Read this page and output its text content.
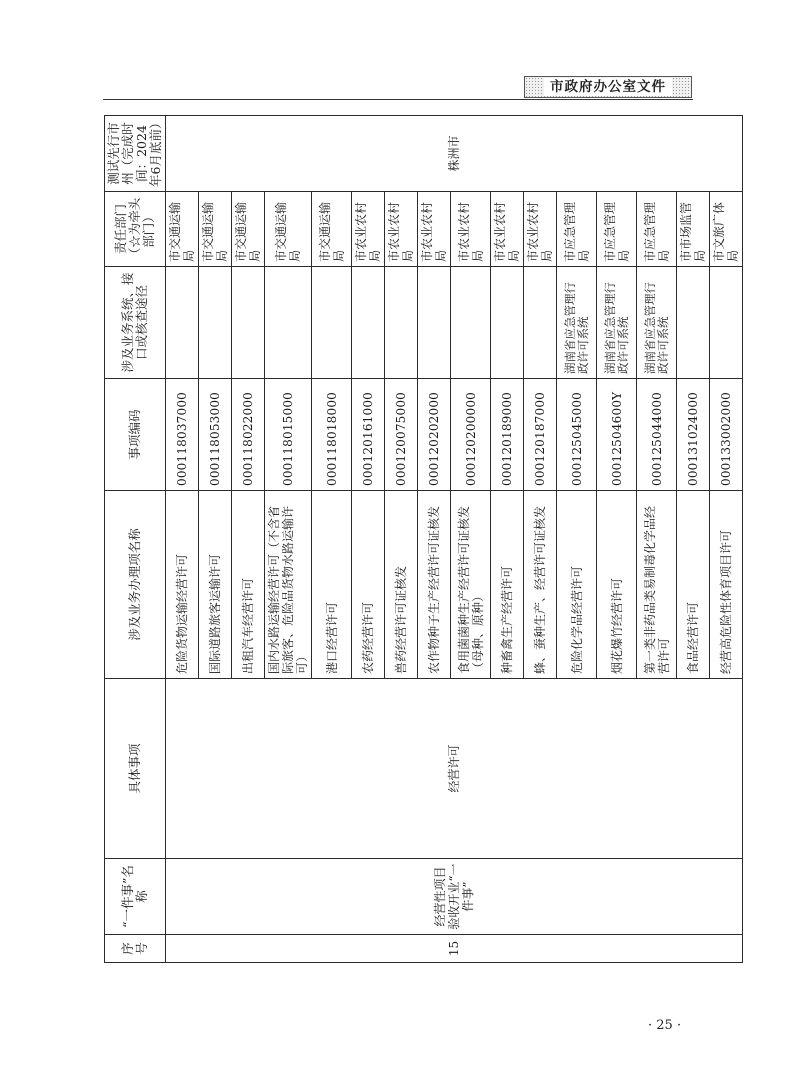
市政府办公室文件
序号	“一件事”名称	具体事项	涉及业务办理项名称	事项编码	涉及业务系统、接口或核查途径	责任部门（☆为牵头部门）	测试先行市州（完成时间：2024年6月底前）
15	经营性项目验收开业“一件事”	经营许可	危险货物运输经营许可	000118037000		市交通运输局	株洲市
			国际道路旅客运输许可	000118053000		市交通运输局	
			出租汽车经营许可	000118022000		市交通运输局	
			国内水路运输经营许可（不含省际旅客、危险品货物水路运输许可）	000118015000		市交通运输局	
			港口经营许可	000118018000		市交通运输局	
			农药经营许可	000120161000		市农业农村局	
			兽药经营许可证核发	000120075000		市农业农村局	
			农作物种子生产经营许可证核发	000120202000		市农业农村局	
			食用菌菌种生产经营许可证核发（母种、原种）	000120200000		市农业农村局	
			种畜禽生产经营许可	000120189000		市农业农村局	
			蜂、蚕种生产、经营许可证核发	000120187000		市农业农村局	
			危险化学品经营许可	000125045000	湖南省应急管理行政许可系统	市应急管理局	
			烟花爆竹经营许可	00012504600Y	湖南省应急管理行政许可系统	市应急管理局	
			第一类非药品类易制毒化学品经营许可	000125044000	湖南省应急管理行政许可系统	市应急管理局	
			食品经营许可	000131024000		市市场监管局	
			经营高危险性体育项目许可	000133002000		市文旅广体局	
· 25 ·
